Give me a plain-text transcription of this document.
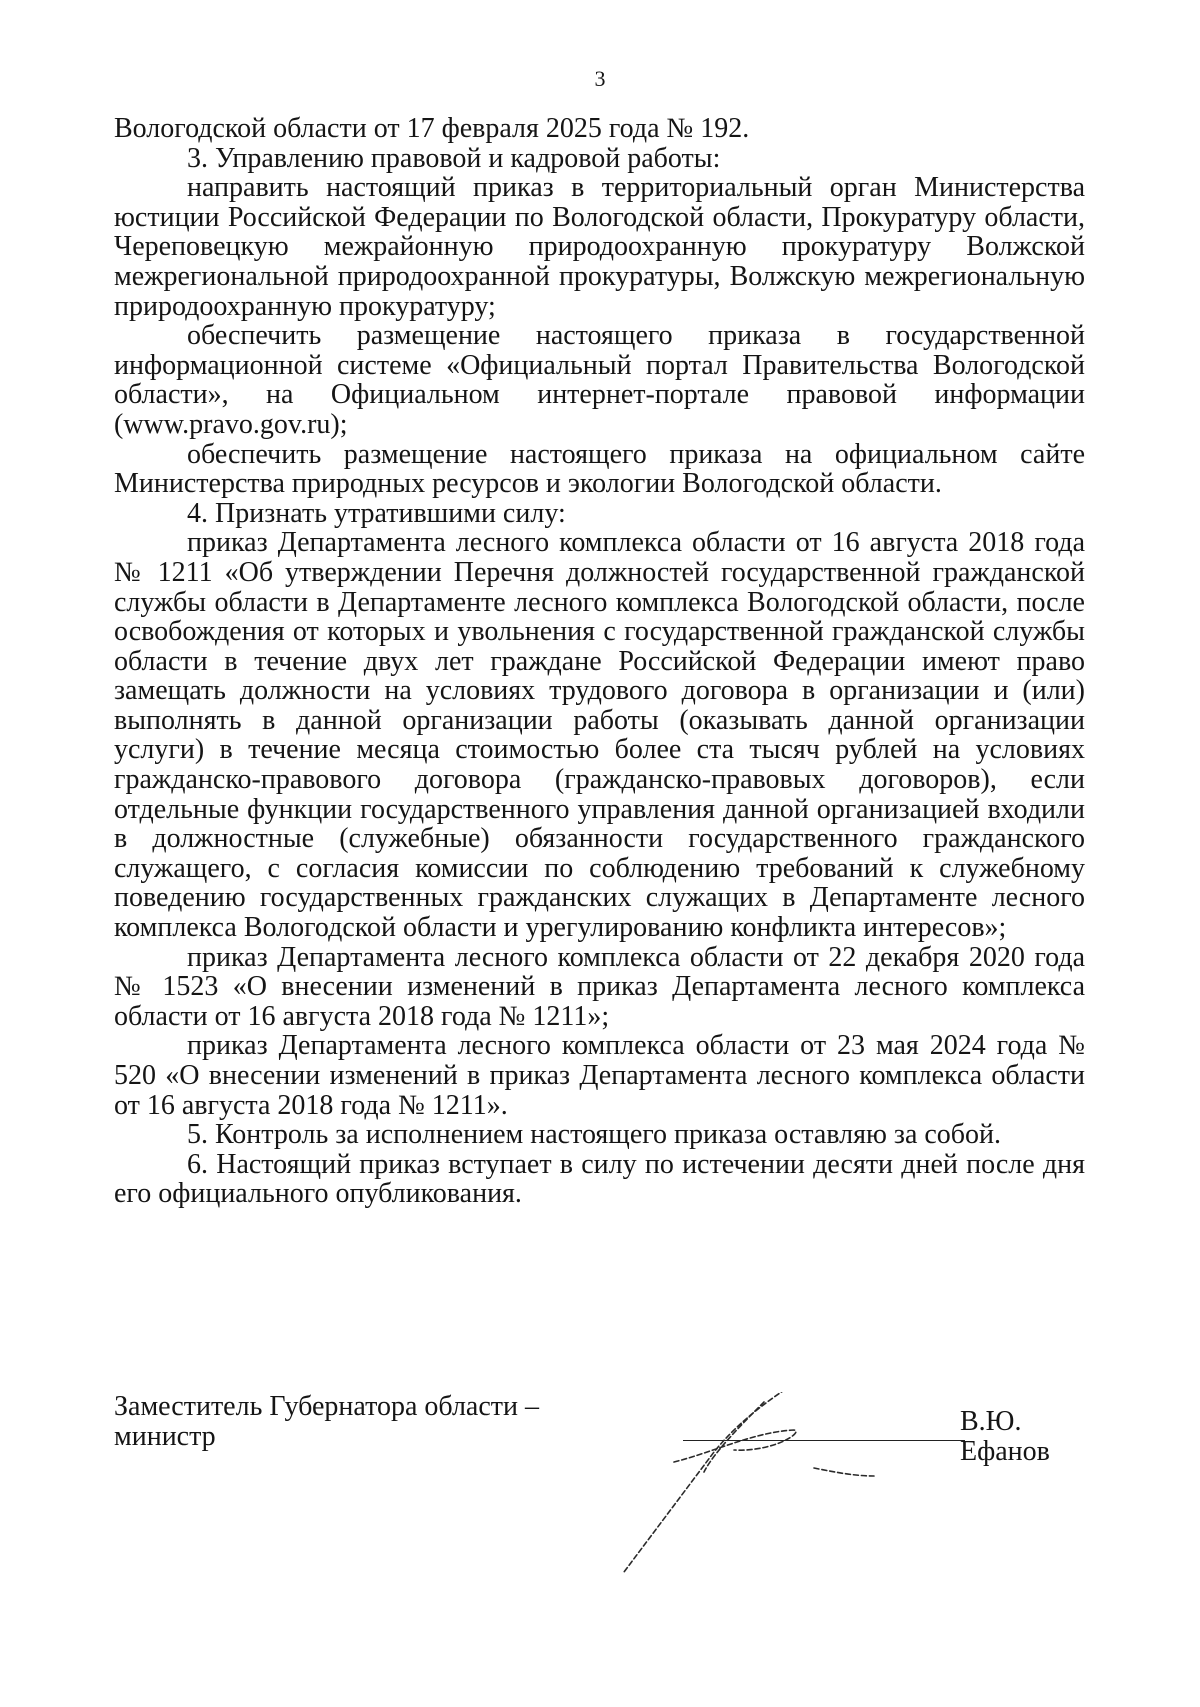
3

Вологодской области от 17 февраля 2025 года № 192.

3. Управлению правовой и кадровой работы:

направить настоящий приказ в территориальный орган Министерства юстиции Российской Федерации по Вологодской области, Прокуратуру области, Череповецкую межрайонную природоохранную прокуратуру Волжской межрегиональной природоохранной прокуратуры, Волжскую межрегиональную природоохранную прокуратуру;

обеспечить размещение настоящего приказа в государственной информационной системе «Официальный портал Правительства Вологодской области», на Официальном интернет-портале правовой информации (www.pravo.gov.ru);

обеспечить размещение настоящего приказа на официальном сайте Министерства природных ресурсов и экологии Вологодской области.

4. Признать утратившими силу:

приказ Департамента лесного комплекса области от 16 августа 2018 года № 1211 «Об утверждении Перечня должностей государственной гражданской службы области в Департаменте лесного комплекса Вологодской области, после освобождения от которых и увольнения с государственной гражданской службы области в течение двух лет граждане Российской Федерации имеют право замещать должности на условиях трудового договора в организации и (или) выполнять в данной организации работы (оказывать данной организации услуги) в течение месяца стоимостью более ста тысяч рублей на условиях гражданско-правового договора (гражданско-правовых договоров), если отдельные функции государственного управления данной организацией входили в должностные (служебные) обязанности государственного гражданского служащего, с согласия комиссии по соблюдению требований к служебному поведению государственных гражданских служащих в Департаменте лесного комплекса Вологодской области и урегулированию конфликта интересов»;

приказ Департамента лесного комплекса области от 22 декабря 2020 года № 1523 «О внесении изменений в приказ Департамента лесного комплекса области от 16 августа 2018 года № 1211»;

приказ Департамента лесного комплекса области от 23 мая 2024 года № 520 «О внесении изменений в приказ Департамента лесного комплекса области от 16 августа 2018 года № 1211».

5. Контроль за исполнением настоящего приказа оставляю за собой.

6. Настоящий приказ вступает в силу по истечении десяти дней после дня его официального опубликования.

Заместитель Губернатора области –

министр	В.Ю. Ефанов
